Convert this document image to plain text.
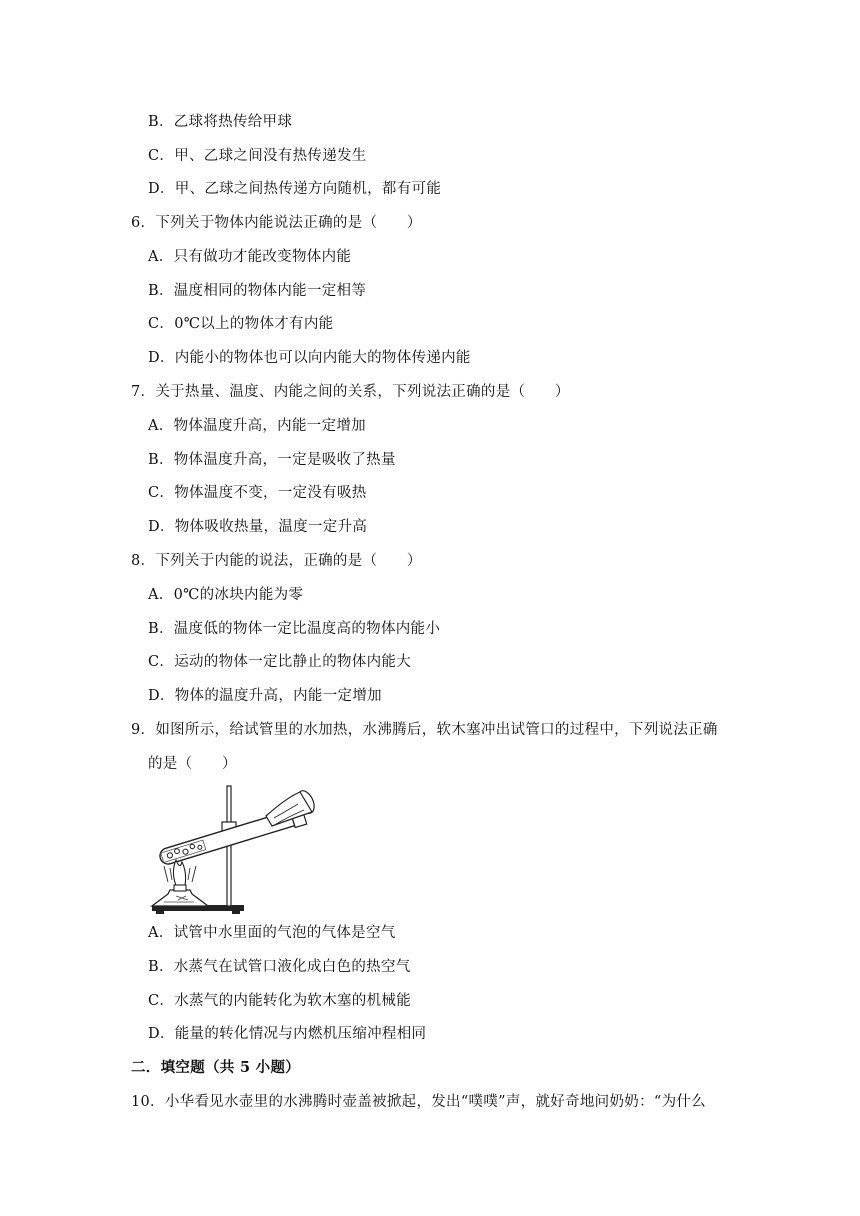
B．乙球将热传给甲球
C．甲、乙球之间没有热传递发生
D．甲、乙球之间热传递方向随机，都有可能
6．下列关于物体内能说法正确的是（　　）
A．只有做功才能改变物体内能
B．温度相同的物体内能一定相等
C．0℃以上的物体才有内能
D．内能小的物体也可以向内能大的物体传递内能
7．关于热量、温度、内能之间的关系，下列说法正确的是（　　）
A．物体温度升高，内能一定增加
B．物体温度升高，一定是吸收了热量
C．物体温度不变，一定没有吸热
D．物体吸收热量，温度一定升高
8．下列关于内能的说法，正确的是（　　）
A．0℃的冰块内能为零
B．温度低的物体一定比温度高的物体内能小
C．运动的物体一定比静止的物体内能大
D．物体的温度升高，内能一定增加
9．如图所示，给试管里的水加热，水沸腾后，软木塞冲出试管口的过程中，下列说法正确
的是（　　）
A．试管中水里面的气泡的气体是空气
B．水蒸气在试管口液化成白色的热空气
C．水蒸气的内能转化为软木塞的机械能
D．能量的转化情况与内燃机压缩冲程相同
二．填空题（共 5 小题）
10．小华看见水壶里的水沸腾时壶盖被掀起，发出“噗噗”声，就好奇地问奶奶：“为什么
